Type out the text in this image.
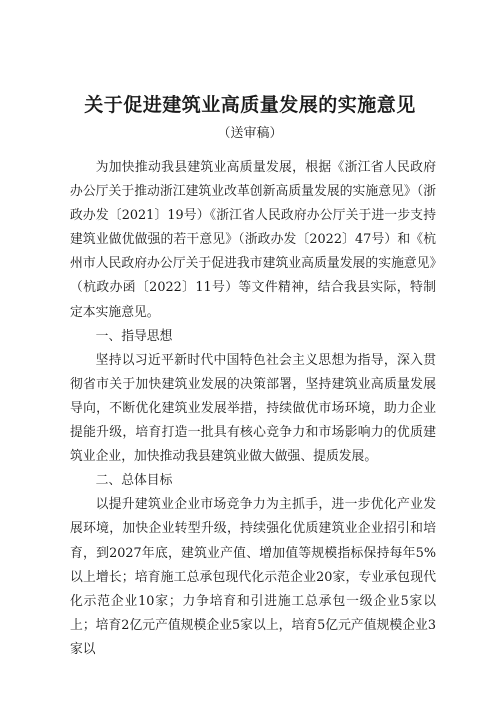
关于促进建筑业高质量发展的实施意见
（送审稿）

为加快推动我县建筑业高质量发展，根据《浙江省人民政府办公厅关于推动浙江建筑业改革创新高质量发展的实施意见》（浙政办发〔2021〕19号）《浙江省人民政府办公厅关于进一步支持建筑业做优做强的若干意见》（浙政办发〔2022〕47号）和《杭州市人民政府办公厅关于促进我市建筑业高质量发展的实施意见》（杭政办函〔2022〕11号）等文件精神，结合我县实际，特制定本实施意见。

一、指导思想

坚持以习近平新时代中国特色社会主义思想为指导，深入贯彻省市关于加快建筑业发展的决策部署，坚持建筑业高质量发展导向，不断优化建筑业发展举措，持续做优市场环境，助力企业提能升级，培育打造一批具有核心竞争力和市场影响力的优质建筑业企业，加快推动我县建筑业做大做强、提质发展。

二、总体目标

以提升建筑业企业市场竞争力为主抓手，进一步优化产业发展环境，加快企业转型升级，持续强化优质建筑业企业招引和培育，到2027年底，建筑业产值、增加值等规模指标保持每年5%以上增长；培育施工总承包现代化示范企业20家，专业承包现代化示范企业10家；力争培育和引进施工总承包一级企业5家以上；培育2亿元产值规模企业5家以上，培育5亿元产值规模企业3家以
